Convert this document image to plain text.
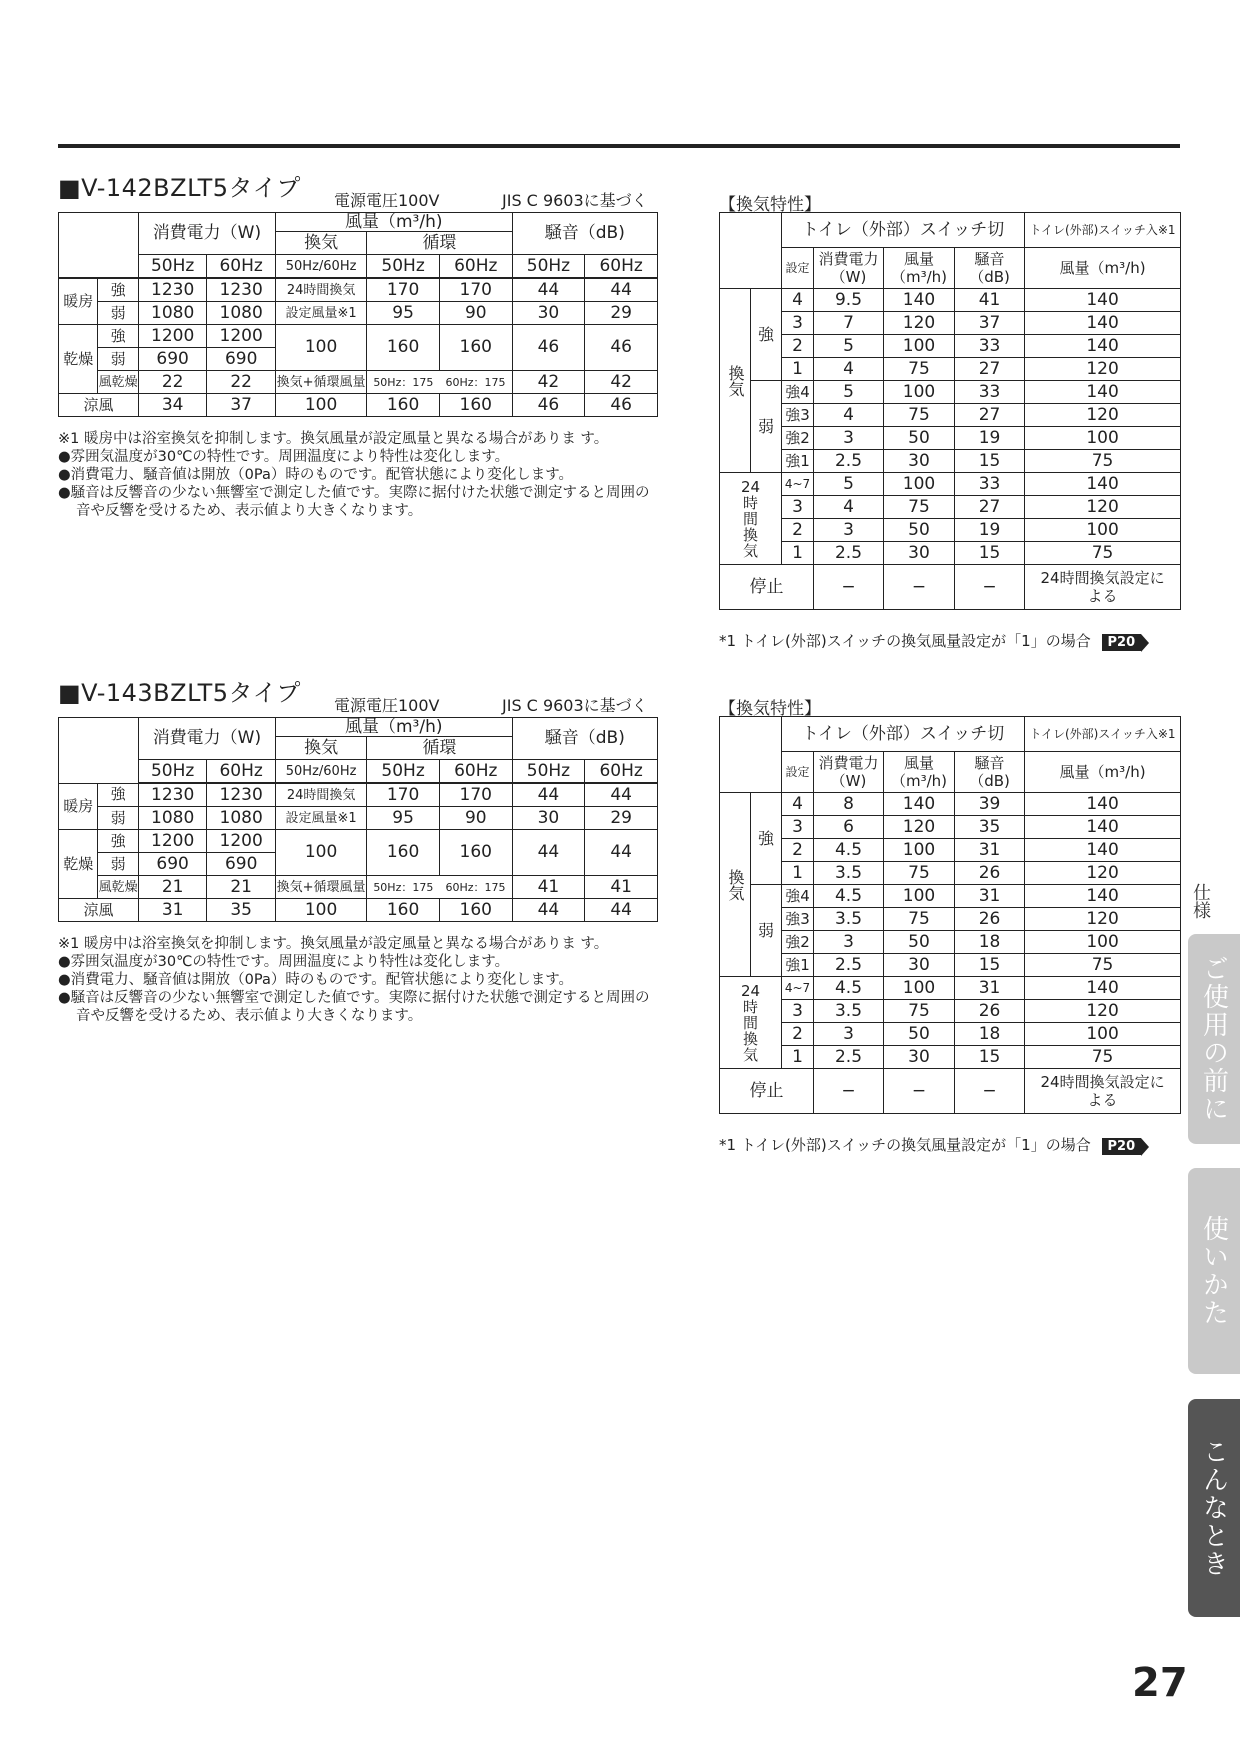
■V-142BZLT5タイプ 電源電圧100V	JIS C 9603に基づく
		消費電力（W)		風量（m³/h)			騒音（dB)	
				換気	循環			
		50Hz	60Hz	50Hz/60Hz	50Hz	60Hz	50Hz	60Hz
暖房	強	1230	1230	24時間換気	170	170	44	44
	弱	1080	1080	設定風量※1	95	90	30	29
乾燥	強	1200	1200	100	160	160	46	46
	弱	690	690					
	風乾燥	22	22	換気+循環風量	50Hz：175	60Hz：175	42	42
涼風		34	37	100	160	160	46	46

※1 暖房中は浴室換気を抑制します。換気風量が設定風量と異なる場合がありま す。

●雰囲気温度が30℃の特性です。周囲温度により特性は変化します。

●消費電力、騒音値は開放（0Pa）時のものです。配管状態により変化します。

●騒音は反響音の少ない無響室で測定した値です。実際に据付けた状態で測定すると周囲の音や反響を受けるため、表示値より大きくなります。

■V-143BZLT5タイプ 電源電圧100V	JIS C 9603に基づく
		消費電力（W)		風量（m³/h)			騒音（dB)	
				換気	循環			
		50Hz	60Hz	50Hz/60Hz	50Hz	60Hz	50Hz	60Hz
暖房	強	1230	1230	24時間換気	170	170	44	44
	弱	1080	1080	設定風量※1	95	90	30	29
乾燥	強	1200	1200	100	160	160	44	44
	弱	690	690					
	風乾燥	21	21	換気+循環風量	50Hz：175	60Hz：175	41	41
涼風		31	35	100	160	160	44	44

※1 暖房中は浴室換気を抑制します。換気風量が設定風量と異なる場合がありま す。

●雰囲気温度が30℃の特性です。周囲温度により特性は変化します。

●消費電力、騒音値は開放（0Pa）時のものです。配管状態により変化します。

●騒音は反響音の少ない無響室で測定した値です。実際に据付けた状態で測定すると周囲の音や反響を受けるため、表示値より大きくなります。

【換気特性】
		トイレ（外部）スイッチ切				トイレ(外部)スイッチ入※1
		設定	消費電力（W)	風量（m³/h)	騒音（dB)	風量（m³/h)
換気	強	4	9.5	140	41	140
		3	7	120	37	140
		2	5	100	33	140
		1	4	75	27	120
	弱	強4	5	100	33	140
		強3	4	75	27	120
		強2	3	50	19	100
		強1	2.5	30	15	75
24時間換気		4~7	5	100	33	140
		3	4	75	27	120
		2	3	50	19	100
		1	2.5	30	15	75
停止			−	−	−	24時間換気設定による
*1 トイレ(外部)スイッチの換気風量設定が「1」の場合 P20
【換気特性】
		トイレ（外部）スイッチ切				トイレ(外部)スイッチ入※1
		設定	消費電力（W)	風量（m³/h)	騒音（dB)	風量（m³/h)
換気	強	4	8	140	39	140
		3	6	120	35	140
		2	4.5	100	31	140
		1	3.5	75	26	120
	弱	強4	4.5	100	31	140
		強3	3.5	75	26	120
		強2	3	50	18	100
		強1	2.5	30	15	75
24時間換気		4~7	4.5	100	31	140
		3	3.5	75	26	120
		2	3	50	18	100
		1	2.5	30	15	75
停止			−	−	−	24時間換気設定による
*1 トイレ(外部)スイッチの換気風量設定が「1」の場合 P20
仕様
ご使用の前に
使いかた
こんなとき
27
